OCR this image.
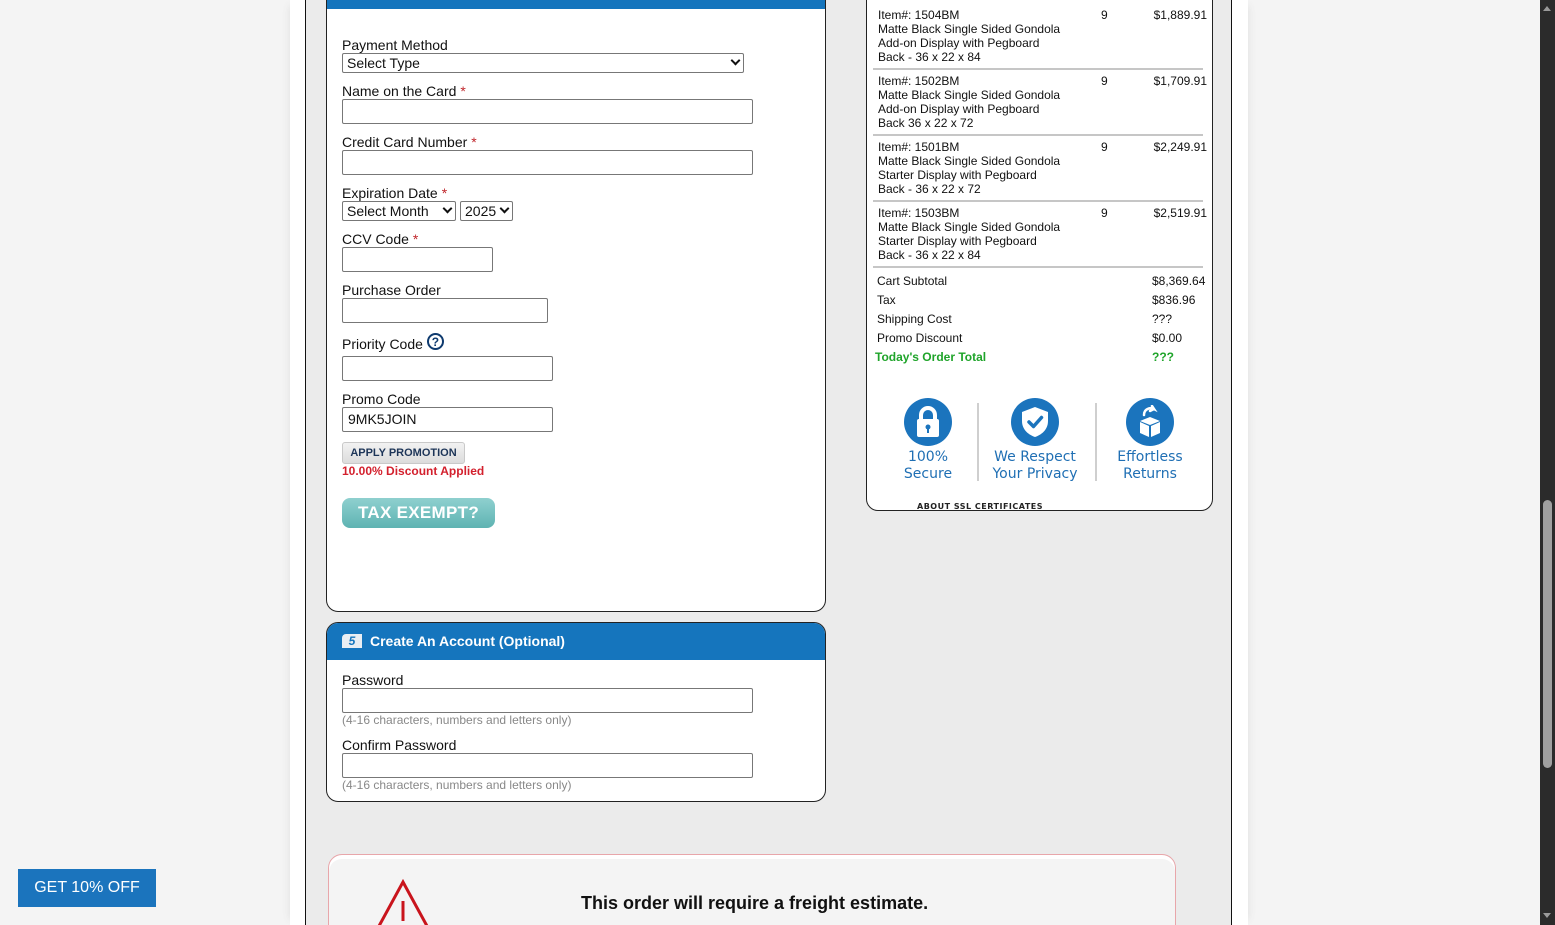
Payment Method
Select Type
Name on the Card *
Credit Card Number *
Expiration Date *
Select Month	2025
CCV Code *
Purchase Order
Priority Code ?
Promo Code
9MK5JOIN
APPLY PROMOTION
10.00% Discount Applied
TAX EXEMPT?
5 Create An Account (Optional)
Password
(4-16 characters, numbers and letters only)
Confirm Password
(4-16 characters, numbers and letters only)
Item#: 1504BM
Matte Black Single Sided Gondola
Add-on Display with Pegboard
Back - 36 x 22 x 84
9	$1,889.91
Item#: 1502BM
Matte Black Single Sided Gondola
Add-on Display with Pegboard
Back 36 x 22 x 72
9	$1,709.91
Item#: 1501BM
Matte Black Single Sided Gondola
Starter Display with Pegboard
Back - 36 x 22 x 72
9	$2,249.91
Item#: 1503BM
Matte Black Single Sided Gondola
Starter Display with Pegboard
Back - 36 x 22 x 84
9	$2,519.91
Cart Subtotal	$8,369.64
Tax	$836.96
Shipping Cost	???
Promo Discount	$0.00
Today's Order Total	???
100%
Secure
We Respect
Your Privacy
Effortless
Returns
ABOUT SSL CERTIFICATES
This order will require a freight estimate.
GET 10% OFF
